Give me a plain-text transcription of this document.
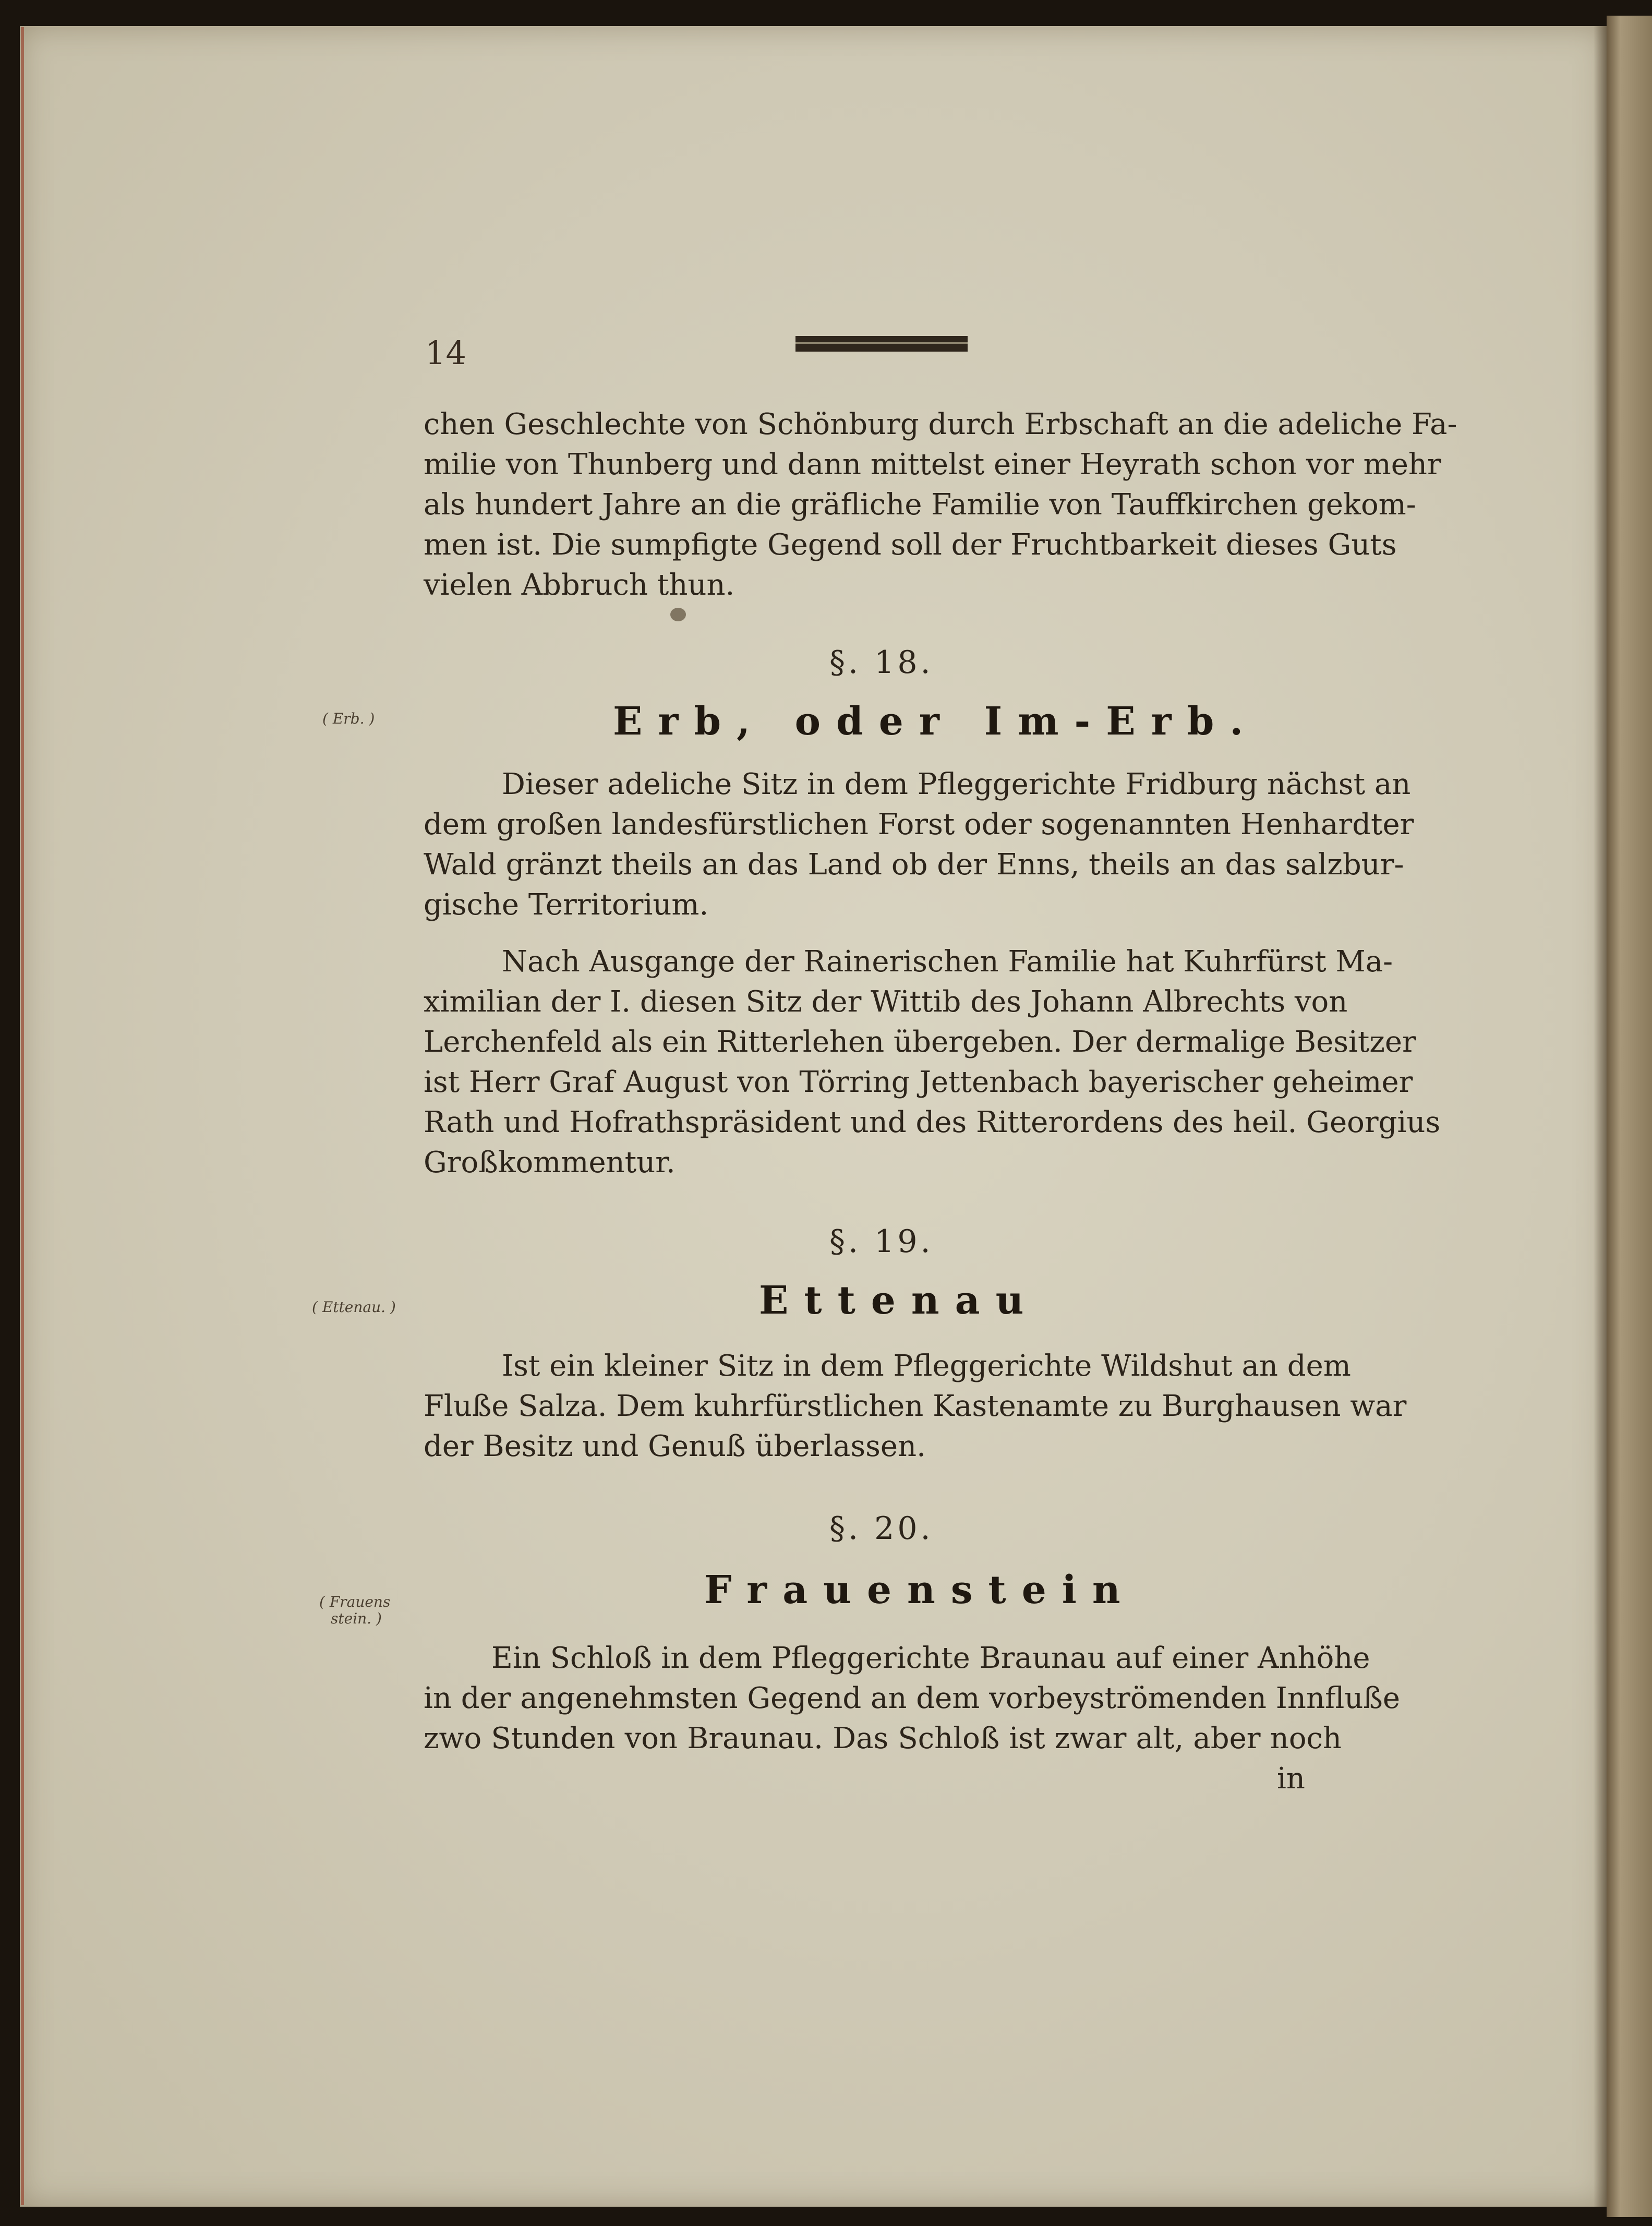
14
chen Geschlechte von Schönburg durch Erbschaft an die adeliche Fa-
milie von Thunberg und dann mittelst einer Heyrath schon vor mehr
als hundert Jahre an die gräfliche Familie von Tauffkirchen gekom-
men ist. Die sumpfigte Gegend soll der Fruchtbarkeit dieses Guts
vielen Abbruch thun.
§. 18.
( Erb. )	Erb, oder Im-Erb.
Dieser adeliche Sitz in dem Pfleggerichte Fridburg nächst an
dem großen landesfürstlichen Forst oder sogenannten Henhardter
Wald gränzt theils an das Land ob der Enns, theils an das salzbur-
gische Territorium.
Nach Ausgange der Rainerischen Familie hat Kuhrfürst Ma-
ximilian der I. diesen Sitz der Wittib des Johann Albrechts von
Lerchenfeld als ein Ritterlehen übergeben. Der dermalige Besitzer
ist Herr Graf August von Törring Jettenbach bayerischer geheimer
Rath und Hofrathspräsident und des Ritterordens des heil. Georgius
Großkommentur.
§. 19.
( Ettenau. )	Ettenau
Ist ein kleiner Sitz in dem Pfleggerichte Wildshut an dem
Fluße Salza. Dem kuhrfürstlichen Kastenamte zu Burghausen war
der Besitz und Genuß überlassen.
§. 20.
( Frauens
stein. )
Frauenstein
Ein Schloß in dem Pfleggerichte Braunau auf einer Anhöhe
in der angenehmsten Gegend an dem vorbeyströmenden Innfluße
zwo Stunden von Braunau. Das Schloß ist zwar alt, aber noch
in
